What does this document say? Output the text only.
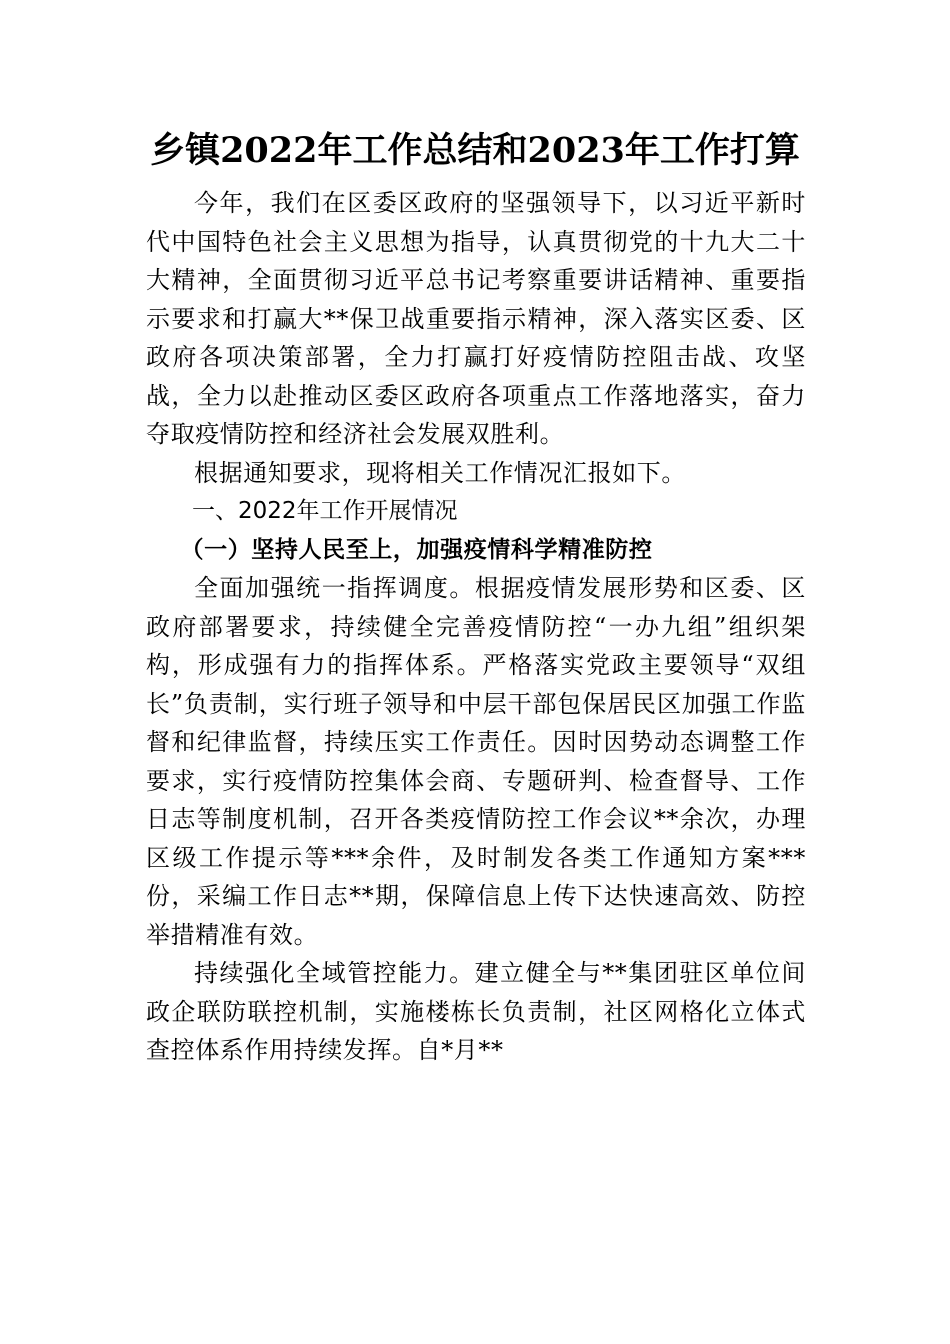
乡镇2022年工作总结和2023年工作打算

今年，我们在区委区政府的坚强领导下，以习近平新时代中国特色社会主义思想为指导，认真贯彻党的十九大二十大精神，全面贯彻习近平总书记考察重要讲话精神、重要指示要求和打赢大**保卫战重要指示精神，深入落实区委、区政府各项决策部署，全力打赢打好疫情防控阻击战、攻坚战，全力以赴推动区委区政府各项重点工作落地落实，奋力夺取疫情防控和经济社会发展双胜利。

根据通知要求，现将相关工作情况汇报如下。

一、2022年工作开展情况

（一）坚持人民至上，加强疫情科学精准防控

全面加强统一指挥调度。根据疫情发展形势和区委、区政府部署要求，持续健全完善疫情防控“一办九组”组织架构，形成强有力的指挥体系。严格落实党政主要领导“双组长”负责制，实行班子领导和中层干部包保居民区加强工作监督和纪律监督，持续压实工作责任。因时因势动态调整工作要求，实行疫情防控集体会商、专题研判、检查督导、工作日志等制度机制，召开各类疫情防控工作会议**余次，办理区级工作提示等***余件，及时制发各类工作通知方案***份，采编工作日志**期，保障信息上传下达快速高效、防控举措精准有效。

持续强化全域管控能力。建立健全与**集团驻区单位间政企联防联控机制，实施楼栋长负责制，社区网格化立体式查控体系作用持续发挥。自*月**
